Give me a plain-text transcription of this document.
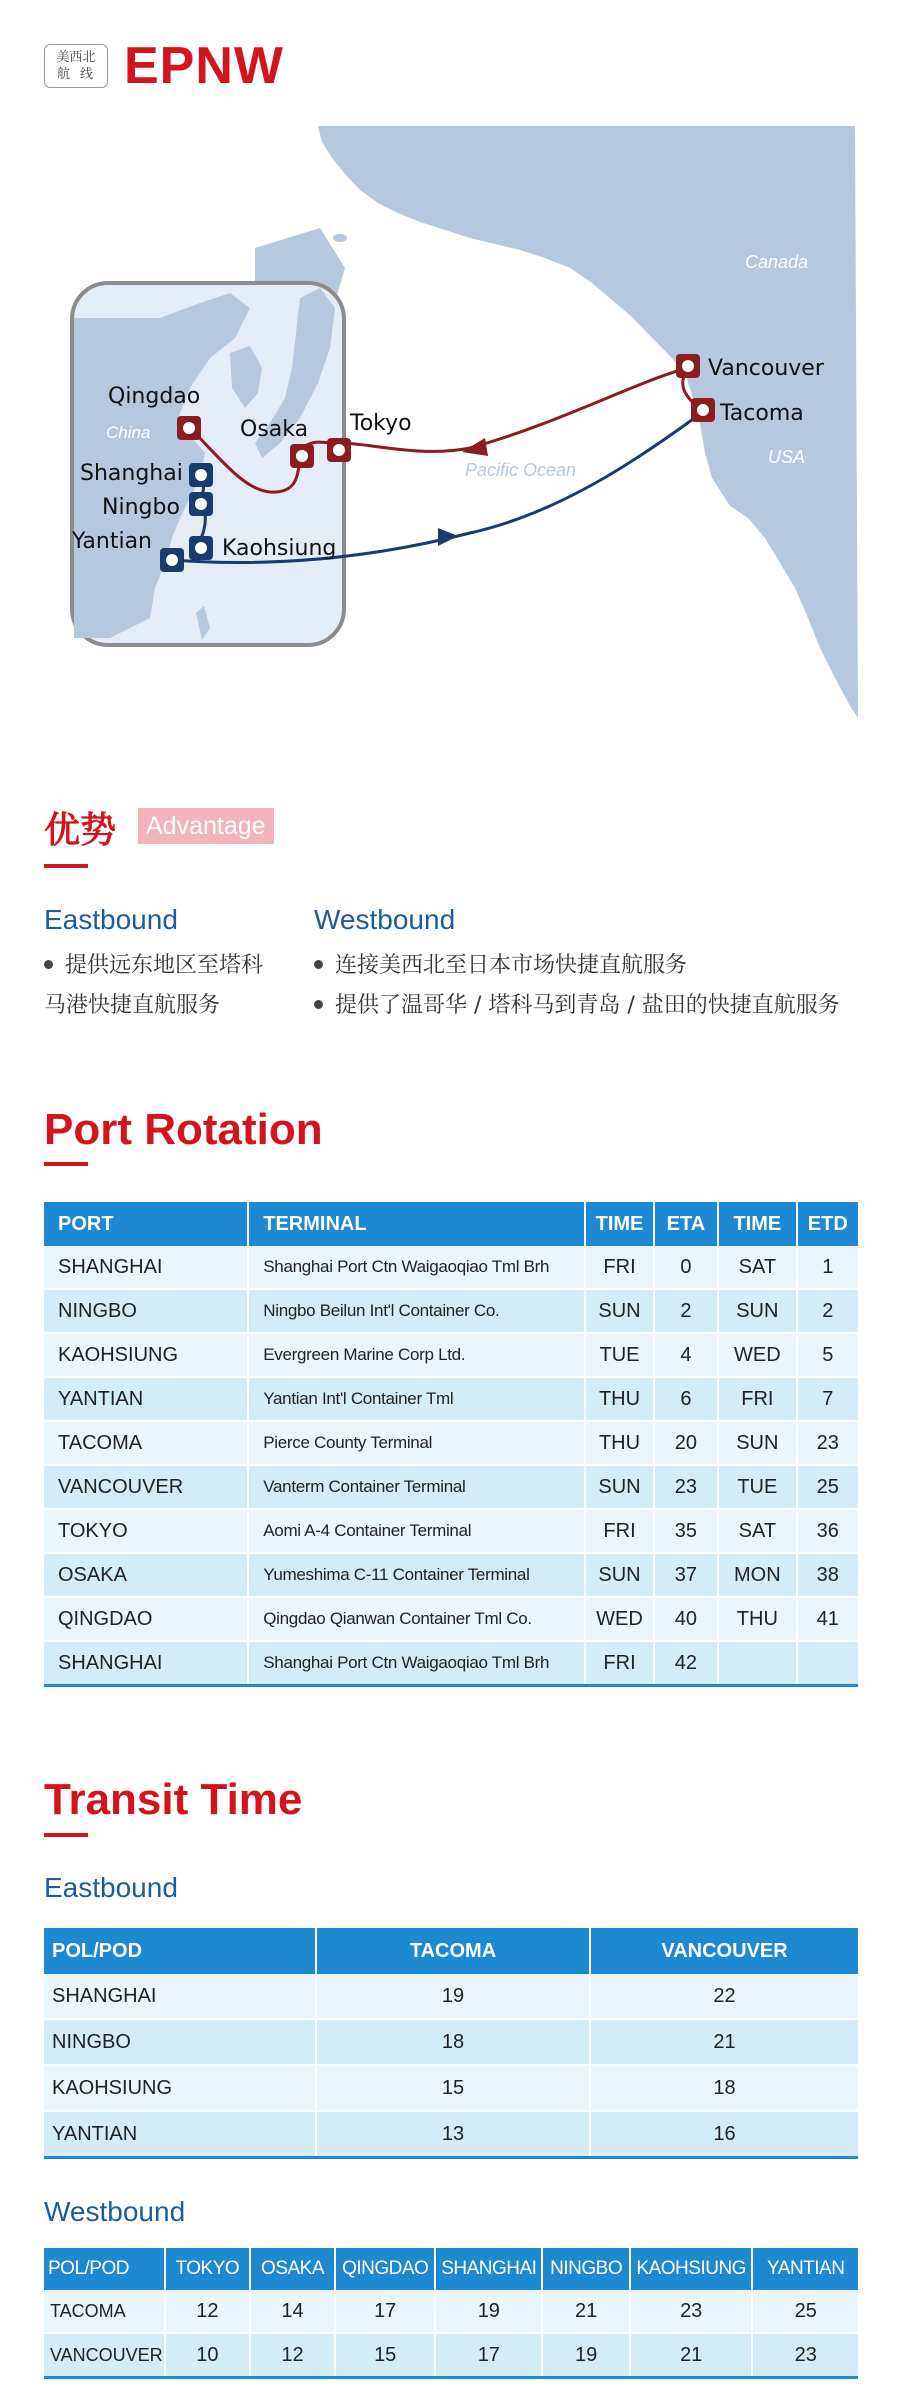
美西北
航线 EPNW
Canada
USA
China
Pacific Ocean
Qingdao
Osaka Tokyo
Shanghai
Ningbo
Yantian	Kaohsiung
Vancouver
Tacoma
优势	Advantage
Eastbound
提供远东地区至塔科
马港快捷直航服务
Westbound
连接美西北至日本市场快捷直航服务
提供了温哥华 / 塔科马到青岛 / 盐田的快捷直航服务
Port Rotation
PORT	TERMINAL	TIME	ETA	TIME	ETD
SHANGHAI	Shanghai Port Ctn Waigaoqiao Tml Brh	FRI	0	SAT	1
NINGBO	Ningbo Beilun Int'l Container Co.	SUN	2	SUN	2
KAOHSIUNG	Evergreen Marine Corp Ltd.	TUE	4	WED	5
YANTIAN	Yantian Int'l Container Tml	THU	6	FRI	7
TACOMA	Pierce County Terminal	THU	20	SUN	23
VANCOUVER	Vanterm Container Terminal	SUN	23	TUE	25
TOKYO	Aomi A-4 Container Terminal	FRI	35	SAT	36
OSAKA	Yumeshima C-11 Container Terminal	SUN	37	MON	38
QINGDAO	Qingdao Qianwan Container Tml Co.	WED	40	THU	41
SHANGHAI	Shanghai Port Ctn Waigaoqiao Tml Brh	FRI	42		
Transit Time
Eastbound
POL/POD	TACOMA	VANCOUVER
SHANGHAI	19	22
NINGBO	18	21
KAOHSIUNG	15	18
YANTIAN	13	16
Westbound
POL/POD	TOKYO	OSAKA	QINGDAO	SHANGHAI	NINGBO	KAOHSIUNG	YANTIAN
TACOMA	12	14	17	19	21	23	25
VANCOUVER	10	12	15	17	19	21	23
